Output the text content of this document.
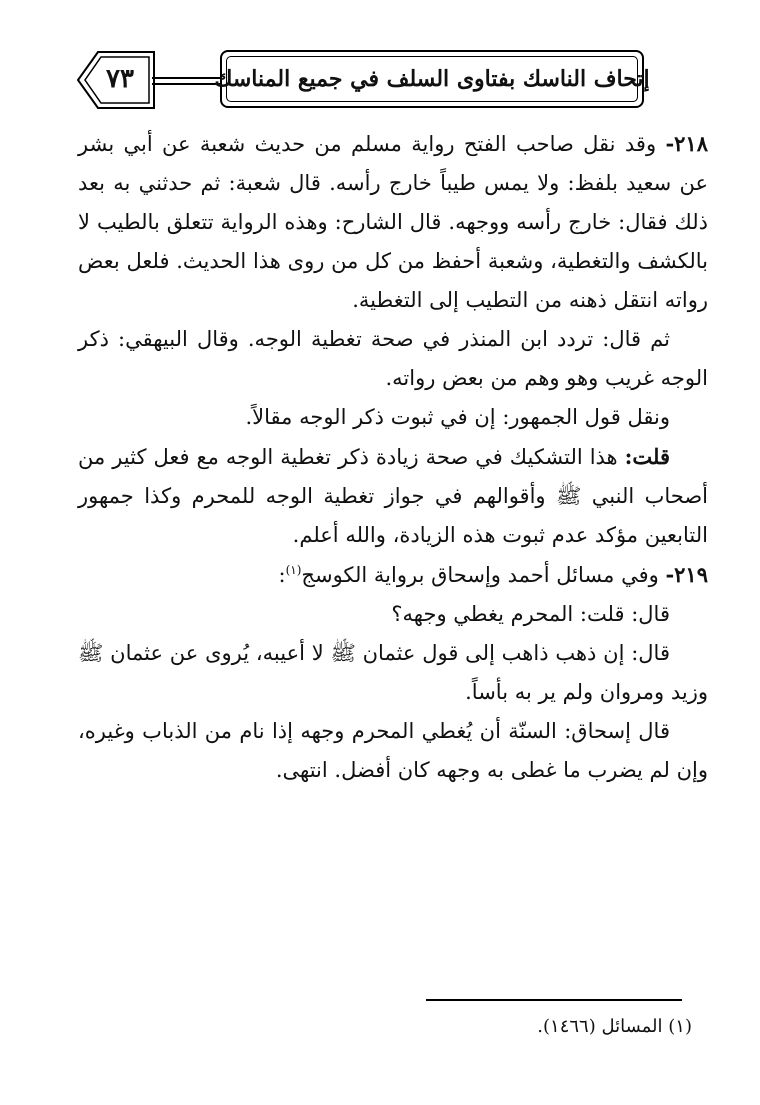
٧٣	إتحاف الناسك بفتاوى السلف في جميع المناسك

٢١٨- وقد نقل صاحب الفتح رواية مسلم من حديث شعبة عن أبي بشر عن سعيد بلفظ: ولا يمس طيباً خارج رأسه. قال شعبة: ثم حدثني به بعد ذلك فقال: خارج رأسه ووجهه. قال الشارح: وهذه الرواية تتعلق بالطيب لا بالكشف والتغطية، وشعبة أحفظ من كل من روى هذا الحديث. فلعل بعض رواته انتقل ذهنه من التطيب إلى التغطية.

ثم قال: تردد ابن المنذر في صحة تغطية الوجه. وقال البيهقي: ذكر الوجه غريب وهو وهم من بعض رواته.

ونقل قول الجمهور: إن في ثبوت ذكر الوجه مقالاً.

قلت: هذا التشكيك في صحة زيادة ذكر تغطية الوجه مع فعل كثير من أصحاب النبي ﷺ وأقوالهم في جواز تغطية الوجه للمحرم وكذا جمهور التابعين مؤكد عدم ثبوت هذه الزيادة، والله أعلم.

٢١٩- وفي مسائل أحمد وإسحاق برواية الكوسج$^{(١)}$:

قال: قلت: المحرم يغطي وجهه؟

قال: إن ذهب ذاهب إلى قول عثمان ﷺ لا أعيبه، يُروى عن عثمان ﷺ وزيد ومروان ولم ير به بأساً.

قال إسحاق: السنّة أن يُغطي المحرم وجهه إذا نام من الذباب وغيره، وإن لم يضرب ما غطى به وجهه كان أفضل. انتهى.

(١) المسائل (١٤٦٦).
